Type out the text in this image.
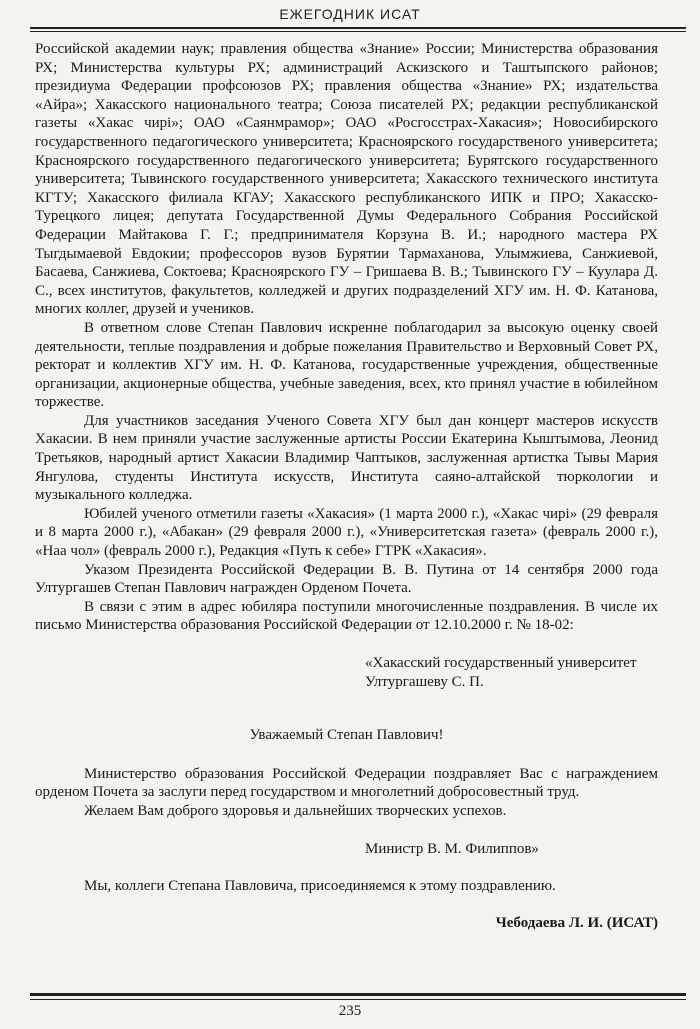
ЕЖЕГОДНИК ИСАТ

Российской академии наук; правления общества «Знание» России; Министерства образования РХ; Министерства культуры РХ; администраций Аскизского и Таштыпского районов; президиума Федерации профсоюзов РХ; правления общества «Знание» РХ; издательства «Айра»; Хакасского национального театра; Союза писателей РХ; редакции республиканской газеты «Хакас чирі»; ОАО «Саянмрамор»; ОАО «Росгосстрах-Хакасия»; Новосибирского государственного педагогического университета; Красноярского государственого университета; Красноярского государственного педагогического университета; Бурятского государственного университета; Тывинского государственного университета; Хакасского технического института КГТУ; Хакасского филиала КГАУ; Хакасского республиканского ИПК и ПРО; Хакасско-Турецкого лицея; депутата Государственной Думы Федерального Собрания Российской Федерации Майтакова Г. Г.; предпринимателя Корзуна В. И.; народного мастера РХ Тыгдымаевой Евдокии; профессоров вузов Бурятии Тармаханова, Улымжиева, Санжиевой, Басаева, Санжиева, Соктоева; Красноярского ГУ – Гришаева В. В.; Тывинского ГУ – Куулара Д. С., всех институтов, факультетов, колледжей и других подразделений ХГУ им. Н. Ф. Катанова, многих коллег, друзей и учеников.

В ответном слове Степан Павлович искренне поблагодарил за высокую оценку своей деятельности, теплые поздравления и добрые пожелания Правительство и Верховный Совет РХ, ректорат и коллектив ХГУ им. Н. Ф. Катанова, государственные учреждения, общественные организации, акционерные общества, учебные заведения, всех, кто принял участие в юбилейном торжестве.

Для участников заседания Ученого Совета ХГУ был дан концерт мастеров искусств Хакасии. В нем приняли участие заслуженные артисты России Екатерина Кыштымова, Леонид Третьяков, народный артист Хакасии Владимир Чаптыков, заслуженная артистка Тывы Мария Янгулова, студенты Института искусств, Института саяно-алтайской тюркологии и музыкального колледжа.

Юбилей ученого отметили газеты «Хакасия» (1 марта 2000 г.), «Хакас чирі» (29 февраля и 8 марта 2000 г.), «Абакан» (29 февраля 2000 г.), «Университетская газета» (февраль 2000 г.), «Наа чол» (февраль 2000 г.), Редакция «Путь к себе» ГТРК «Хакасия».

Указом Президента Российской Федерации В. В. Путина от 14 сентября 2000 года Ултургашев Степан Павлович награжден Орденом Почета.

В связи с этим в адрес юбиляра поступили многочисленные поздравления. В числе их письмо Министерства образования Российской Федерации от 12.10.2000 г. № 18-02:

«Хакасский государственный университет
Ултургашеву С. П.

Уважаемый Степан Павлович!

Министерство образования Российской Федерации поздравляет Вас с награждением орденом Почета за заслуги перед государством и многолетний добросовестный труд.

Желаем Вам доброго здоровья и дальнейших творческих успехов.

Министр В. М. Филиппов»

Мы, коллеги Степана Павловича, присоединяемся к этому поздравлению.

Чебодаева Л. И. (ИСАТ)

235
